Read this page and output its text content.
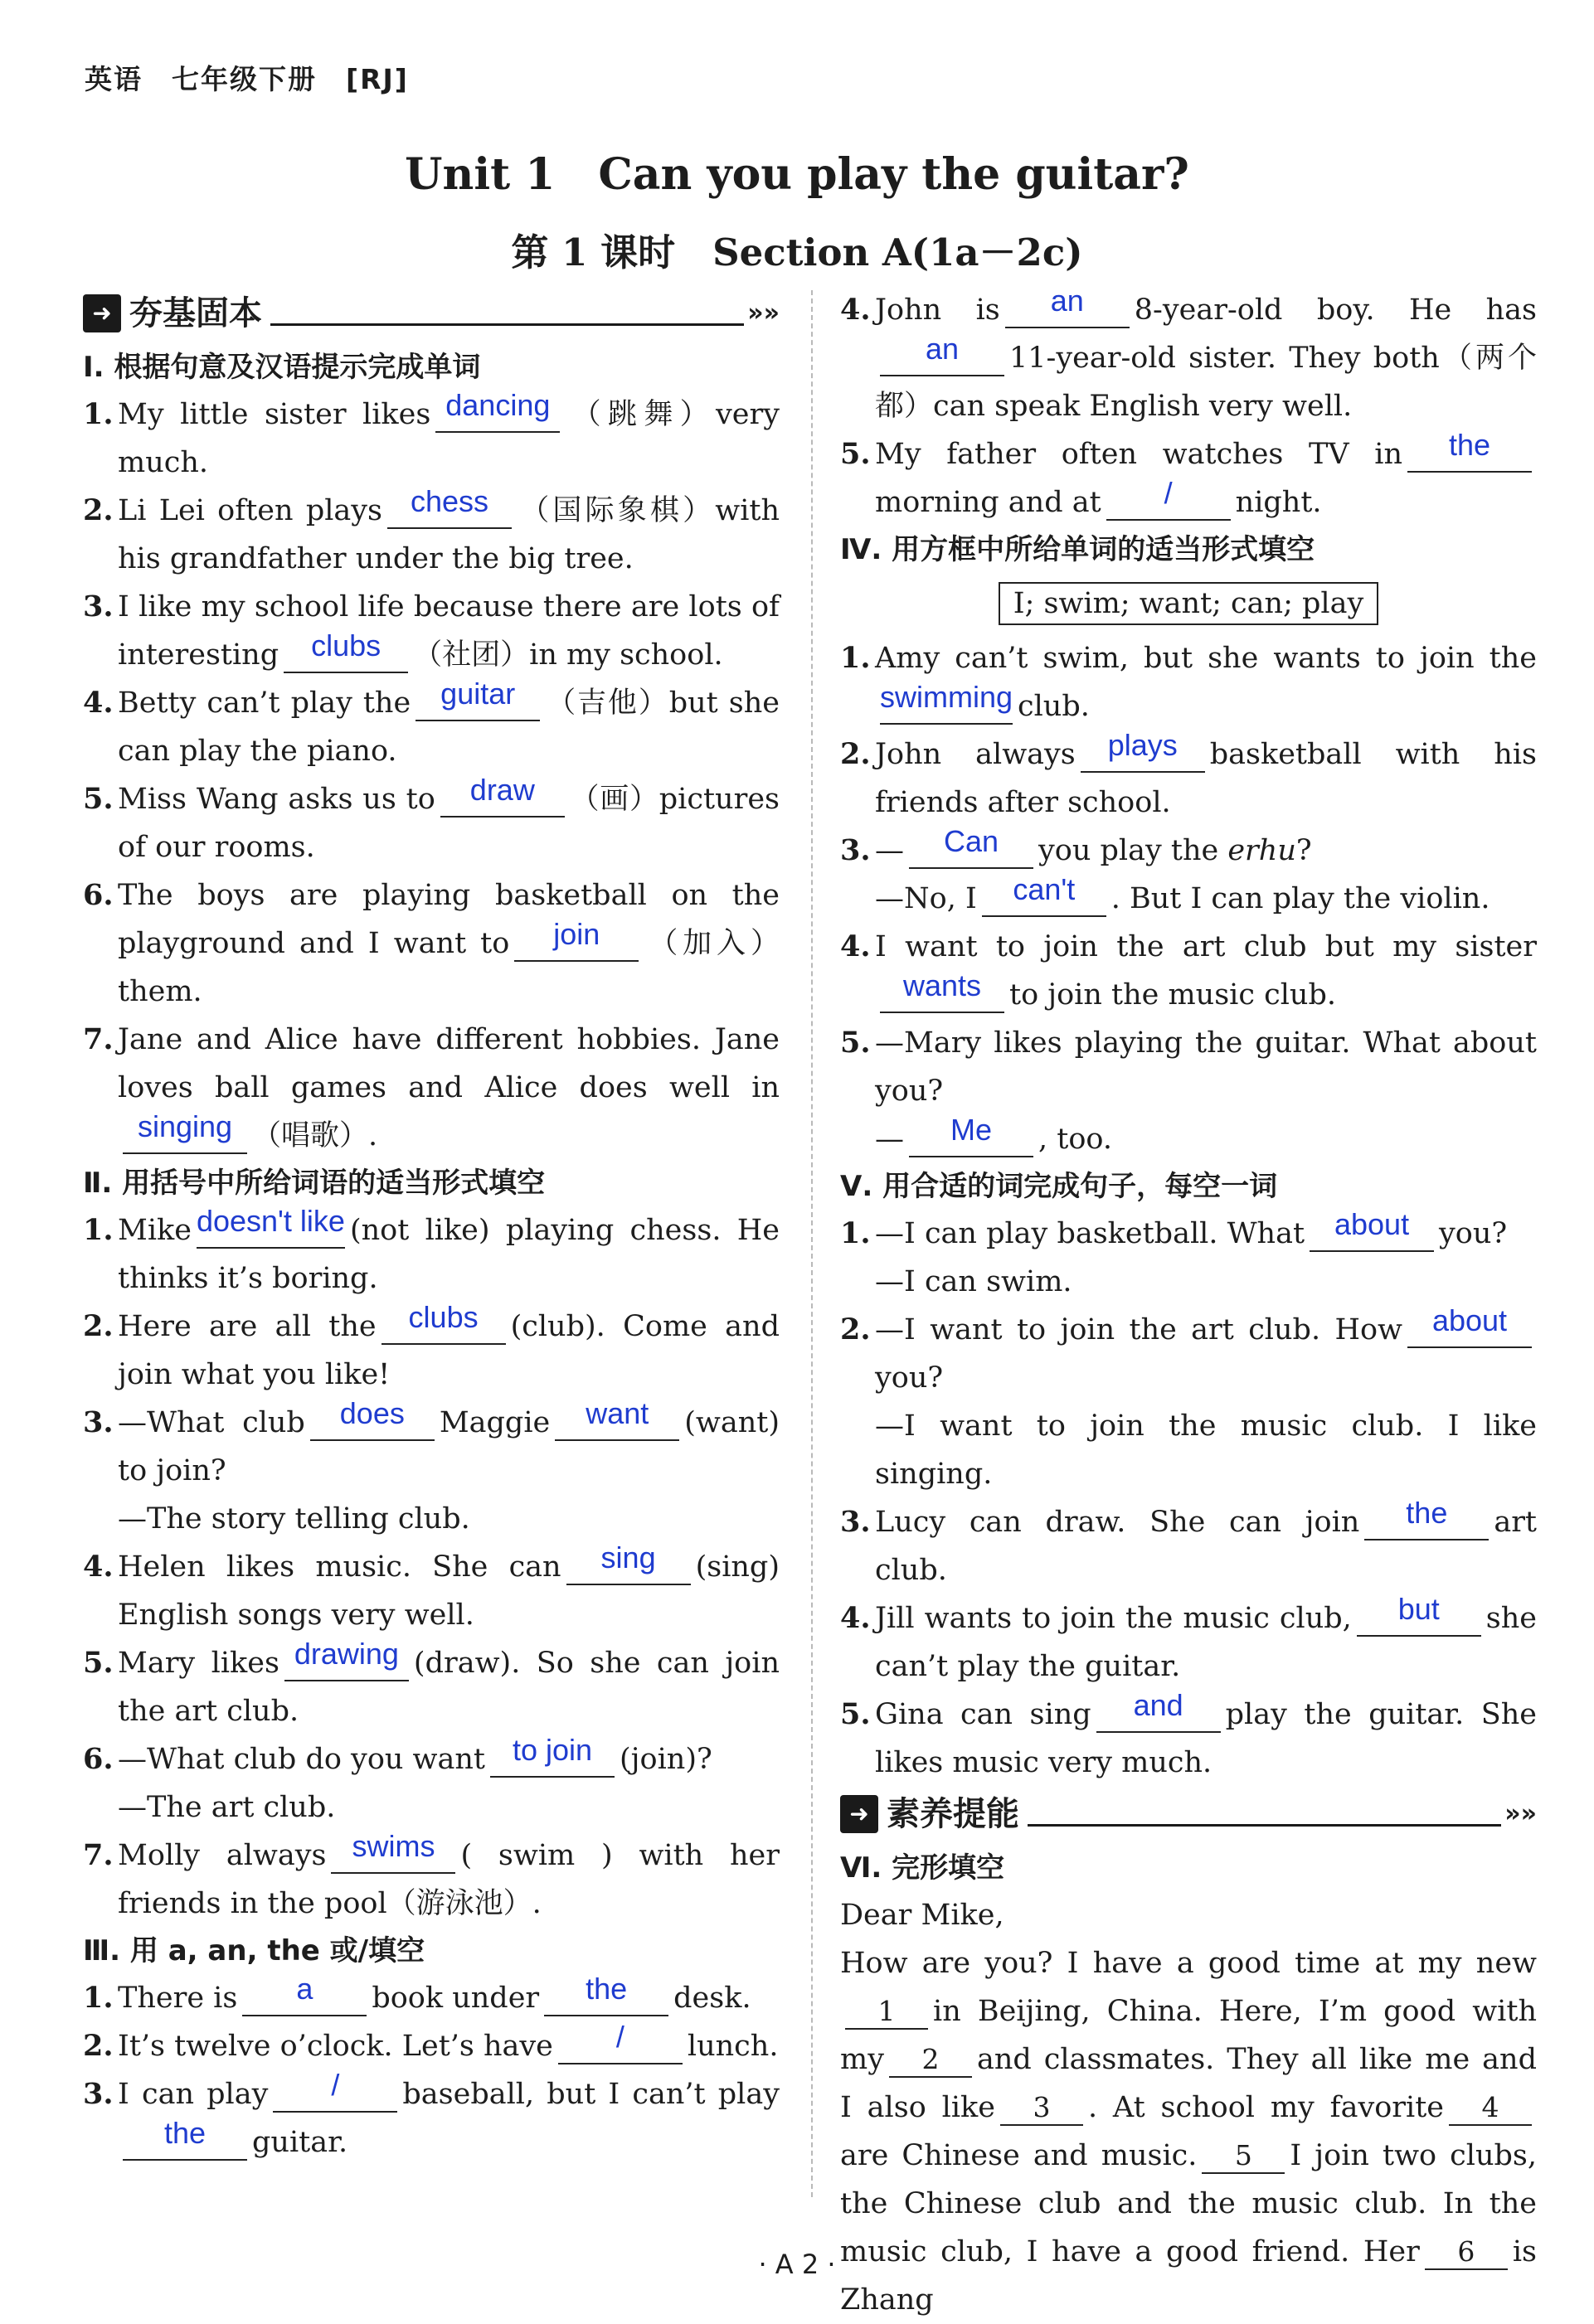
英语　七年级下册　[RJ]
Unit 1　Can you play the guitar?
第 1 课时　Section A(1a－2c)
➜ 夯基固本	»»
Ⅰ. 根据句意及汉语提示完成单词
1. My little sister likes dancing （跳舞）very much.
2. Li Lei often plays chess （国际象棋）with his grandfather under the big tree.
3. I like my school life because there are lots of interesting clubs （社团）in my school.
4. Betty can’t play the guitar （吉他）but she can play the piano.
5. Miss Wang asks us to draw （画）pictures of our rooms.
6. The boys are playing basketball on the playground and I want to join （加入）them.
7. Jane and Alice have different hobbies. Jane loves ball games and Alice does well insinging （唱歌）.
Ⅱ. 用括号中所给词语的适当形式填空
1. Mike doesn't like (not like) playing chess. He thinks it’s boring.
2. Here are all the clubs (club). Come and join what you like!
3. —What club does Maggie want (want) to join?
—The story telling club.
4. Helen likes music. She can sing (sing) English songs very well.
5. Mary likes drawing (draw). So she can join the art club.
6. —What club do you want to join (join)?
—The art club.
7. Molly always swims ( swim ) with her friends in the pool（游泳池）.
Ⅲ. 用 a, an, the 或/填空
1. There is a book under the desk.
2. It’s twelve o’clock. Let’s have / lunch.
3. I can play / baseball, but I can’t playthe guitar.
4. John is an 8-year-old boy. He hasan 11-year-old sister. They both（两个都）can speak English very well.
5. My father often watches TV in themorning and at / night.
Ⅳ. 用方框中所给单词的适当形式填空
I; swim; want; can; play
1. Amy can’t swim, but she wants to join theswimming club.
2. John always plays basketball with his friends after school.
3. — Can you play the erhu?
—No, I can't . But I can play the violin.
4. I want to join the art club but my sisterwants to join the music club.
5. —Mary likes playing the guitar. What about you?
— Me , too.
Ⅴ. 用合适的词完成句子，每空一词
1. —I can play basketball. What about you?
—I can swim.
2. —I want to join the art club. How aboutyou?
—I want to join the music club. I like singing.
3. Lucy can draw. She can join the art club.
4. Jill wants to join the music club, but she can’t play the guitar.
5. Gina can sing and play the guitar. She likes music very much.
➜ 素养提能	»»
Ⅵ. 完形填空
Dear Mike,
How are you? I have a good time at my new1 in Beijing, China. Here, I’m good with my 2 and classmates. They all like me and I also like 3 . At school my favorite 4are Chinese and music. 5 I join two clubs, the Chinese club and the music club. In the music club, I have a good friend. Her 6 is Zhang
· A 2 ·
